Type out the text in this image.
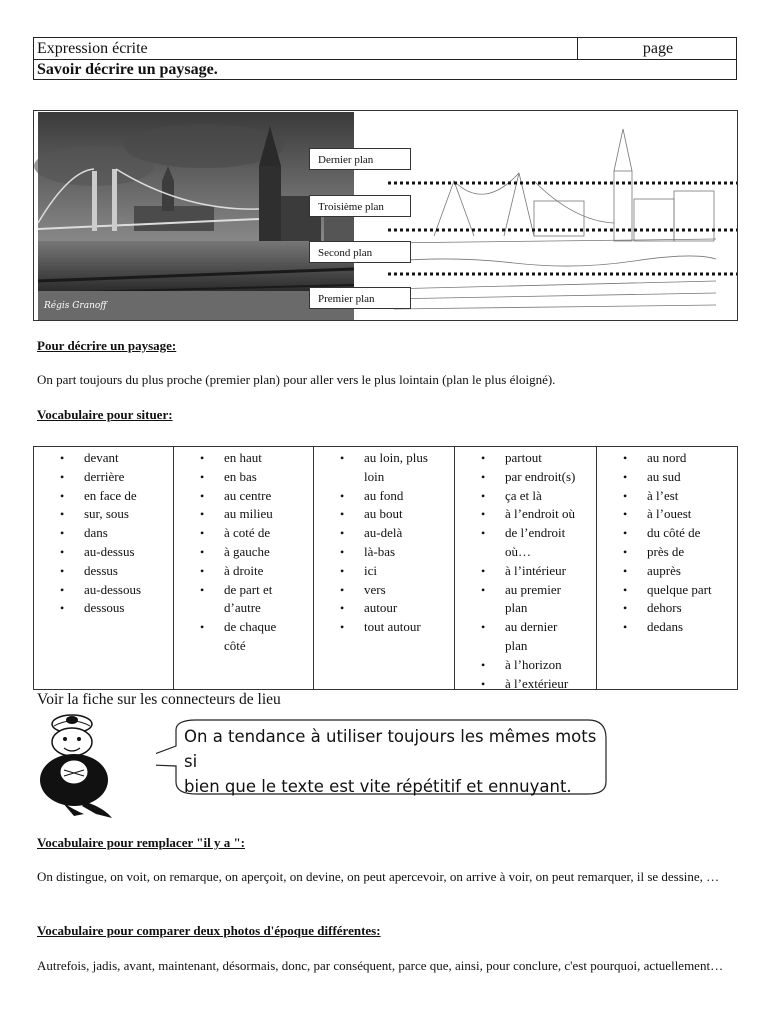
Expression écrite	page
Savoir décrire un paysage.
Régis Granoff
Dernier plan
Troisième plan
Second plan
Premier plan
Pour décrire un paysage:
On part toujours du plus proche (premier plan) pour aller vers le plus lointain (plan le plus éloigné).
Vocabulaire pour situer:
• devant
• derrière
• en face de
• sur, sous
• dans
• au-dessus
• dessus
• au-dessous
• dessous
• en haut
• en bas
• au centre
• au milieu
• à coté de
• à gauche
• à droite
• de part et d’autre
• de chaque côté
• au loin, plus loin
• au fond
• au bout
• au-delà
• là-bas
• ici
• vers
• autour
• tout autour
• partout
• par endroit(s)
• ça et là
• à l’endroit où
• de l’endroit où…
• à l’intérieur
• au premier plan
• au dernier plan
• à l’horizon
• à l’extérieur
• au nord
• au sud
• à l’est
• à l’ouest
• du côté de
• près de
• auprès
• quelque part
• dehors
• dedans
Voir la fiche sur les connecteurs de lieu
On a tendance à utiliser toujours les mêmes mots si
bien que le texte est vite répétitif et ennuyant.
Vocabulaire pour remplacer "il y a ":
On distingue, on voit, on remarque, on aperçoit, on devine, on peut apercevoir, on arrive à voir, on peut remarquer, il se dessine, …
Vocabulaire pour comparer deux photos d'époque différentes:
Autrefois, jadis, avant, maintenant, désormais, donc, par conséquent, parce que, ainsi, pour conclure, c'est pourquoi, actuellement…
